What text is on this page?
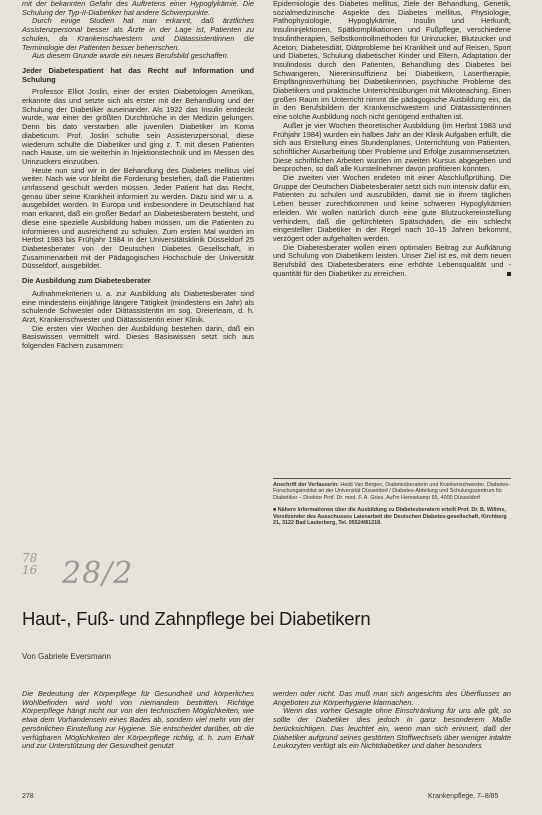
mit der bekannten Gefahr des Auftretens einer Hypoglykämie. Die Schulung der Typ-II-Diabetiker hat andere Schwerpunkte.

Durch einige Studien hat man erkannt, daß ärztliches Assistenzpersonal besser als Ärzte in der Lage ist, Patienten zu schulen, da Krankenschwestern und Diätassistentinnen die Terminologie der Patienten besser beherrschen.

Aus diesem Grunde wurde ein neues Berufsbild geschaffen.

Jeder Diabetespatient hat das Recht auf Information und Schulung

Professor Elliot Joslin, einer der ersten Diabetologen Amerikas, erkannte das und setzte sich als erster mit der Behandlung und der Schulung der Diabetiker auseinander. Als 1922 das Insulin entdeckt wurde, war einer der größten Durchbrüche in der Medizin gelungen. Denn bis dato verstarben alle juvenilen Diabetiker im Koma diabeticum. Prof. Joslin schulte sein Assistenzpersonal, diese wiederum schulte die Diabetiker und ging z. T. mit diesen Patienten nach Hause, um sie weiterhin in Injektionstechnik und im Messen des Urinzuckers einzuüben.

Heute nun sind wir in der Behandlung des Diabetes mellitus viel weiter. Nach wie vor bleibt die Forderung bestehen, daß die Patienten umfassend geschult werden müssen. Jeder Patient hat das Recht, genau über seine Krankheit informiert zu werden. Dazu sind wir u. a. ausgebildet worden. In Europa und insbesondere in Deutschland hat man erkannt, daß ein großer Bedarf an Diabetesberatern besteht, und diese eine spezielle Ausbildung haben müssen, um die Patienten zu informieren und ausreichend zu schulen. Zum ersten Mal wurden im Herbst 1983 bis Frühjahr 1984 in der Universitätsklinik Düsseldorf 25 Diabetesberater von der Deutschen Diabetes Gesellschaft, in Zusammenarbeit mit der Pädagogischen Hochschule der Universität Düsseldorf, ausgebildet.

Die Ausbildung zum Diabetesberater

Aufnahmekriterien u. a. zur Ausbildung als Diabetesberater sind eine mindestens einjährige längere Tätigkeit (mindestens ein Jahr) als schulende Schwester oder Diätassistentin im sog. Dreierteam, d. h. Arzt, Krankenschwester und Diätassistentin einer Klinik.

Die ersten vier Wochen der Ausbildung bestehen darin, daß ein Basiswissen vermittelt wird. Dieses Basiswissen setzt sich aus folgenden Fächern zusammen:

Epidemiologie des Diabetes mellitus, Ziele der Behandlung, Genetik, sozialmedizinische Aspekte des Diabetes mellitus, Physiologie, Pathophysiologie, Hypoglykämie, Insulin und Herkunft, Insulininjektionen, Spätkomplikationen und Fußpflege, verschiedene Insulintherapien, Selbstkontrollmethoden für Urinzucker, Blutzucker und Aceton; Diabetesdiät, Diätprobleme bei Krankheit und auf Reisen, Sport und Diabetes, Schulung diabetischer Kinder und Eltern, Adaptation der Insulindosis durch den Patienten, Behandlung des Diabetes bei Schwangeren, Niereninsuffizienz bei Diabetikern, Lasertherapie, Empfängnisverhütung bei Diabetikerinnen, psychische Probleme des Diabetikers und praktische Unterrichtsübungen mit Mikroteaching. Einen großen Raum im Unterricht nimmt die pädagogische Ausbildung ein, da in den Berufsbildern der Krankenschwestern und Diätassistentinnen eine solche Ausbildung noch nicht genügend enthalten ist.

Außer je vier Wochen theoretischer Ausbildung (im Herbst 1983 und Frühjahr 1984) wurden ein halbes Jahr an der Klinik Aufgaben erfüllt, die sich aus Erstellung eines Stundenplanes, Unterrichtung von Patienten, schriftlicher Ausarbeitung über Probleme und Erfolge zusammensetzten. Diese schriftlichen Arbeiten wurden im zweiten Kursus abgegeben und besprochen, so daß alle Kursteilnehmer davon profitieren konnten.

Die zweiten vier Wochen endeten mit einer Abschlußprüfung. Die Gruppe der Deutschen Diabetesberater setzt sich nun intensiv dafür ein, Patienten zu schulen und auszubilden, damit sie in ihrem täglichen Leben besser zurechtkommen und keine schweren Hypoglykämien erleiden. Wir wollen natürlich durch eine gute Blutzuckereinstellung verhindern, daß die gefürchteten Spätschäden, die ein schlecht eingestellter Diabetiker in der Regel nach 10–15 Jahren bekommt, verzögert oder aufgehalten werden.

Die Diabetesberater wollen einen optimalen Beitrag zur Aufklärung und Schulung von Diabetikern leisten. Unser Ziel ist es, mit dem neuen Berufsbild des Diabetesberaters eine erhöhte Lebensqualität und -quantität für den Diabetiker zu erreichen.

Anschrift der Verfasserin: Heidi Van Bergen, Diabetesberaterin und Krankenschwester, Diabetes-Forschungsinstitut an der Universität Düsseldorf / Diabetes-Abteilung und Schulungszentrum für Diabetiker – Direktor Prof. Dr. med. F. A. Gries, Auf'm Hennekamp 65, 4000 Düsseldorf

■ Nähere Informationen über die Ausbildung zu Diabetesberatern erteilt Prof. Dr. B. Willms, Vorsitzender des Ausschusses Laienarbeit der Deutschen Diabetes-gesellschaft, Kirchberg 21, 3122 Bad Lauterberg, Tel. 05524/81218.

78
16 28/2
Haut-, Fuß- und Zahnpflege bei Diabetikern
Von Gabriele Eversmann

Die Bedeutung der Körperpflege für Gesundheit und körperliches Wohlbefinden wird wohl von niemandem bestritten. Richtige Körperpflege hängt nicht nur von den technischen Möglichkeiten, wie etwa dem Vorhandensein eines Bades ab, sondern viel mehr von der persönlichen Einstellung zur Hygiene. Sie entscheidet darüber, ob die verfügbaren Möglichkeiten der Körperpflege richtig, d. h. zum Erhalt und zur Unterstützung der Gesundheit genutzt

werden oder nicht. Das muß man sich angesichts des Überflusses an Angeboten zur Körperhygiene klarmachen.

Wenn das vorher Gesagte ohne Einschränkung für uns alle gilt, so sollte der Diabetiker dies jedoch in ganz besonderem Maße berücksichtigen. Das leuchtet ein, wenn man sich erinnert, daß der Diabetiker aufgrund seines gestörten Stoffwechsels über weniger intakte Leukozyten verfügt als ein Nichtdiabetiker und daher besonders

278	Krankenpflege, 7–8/85
